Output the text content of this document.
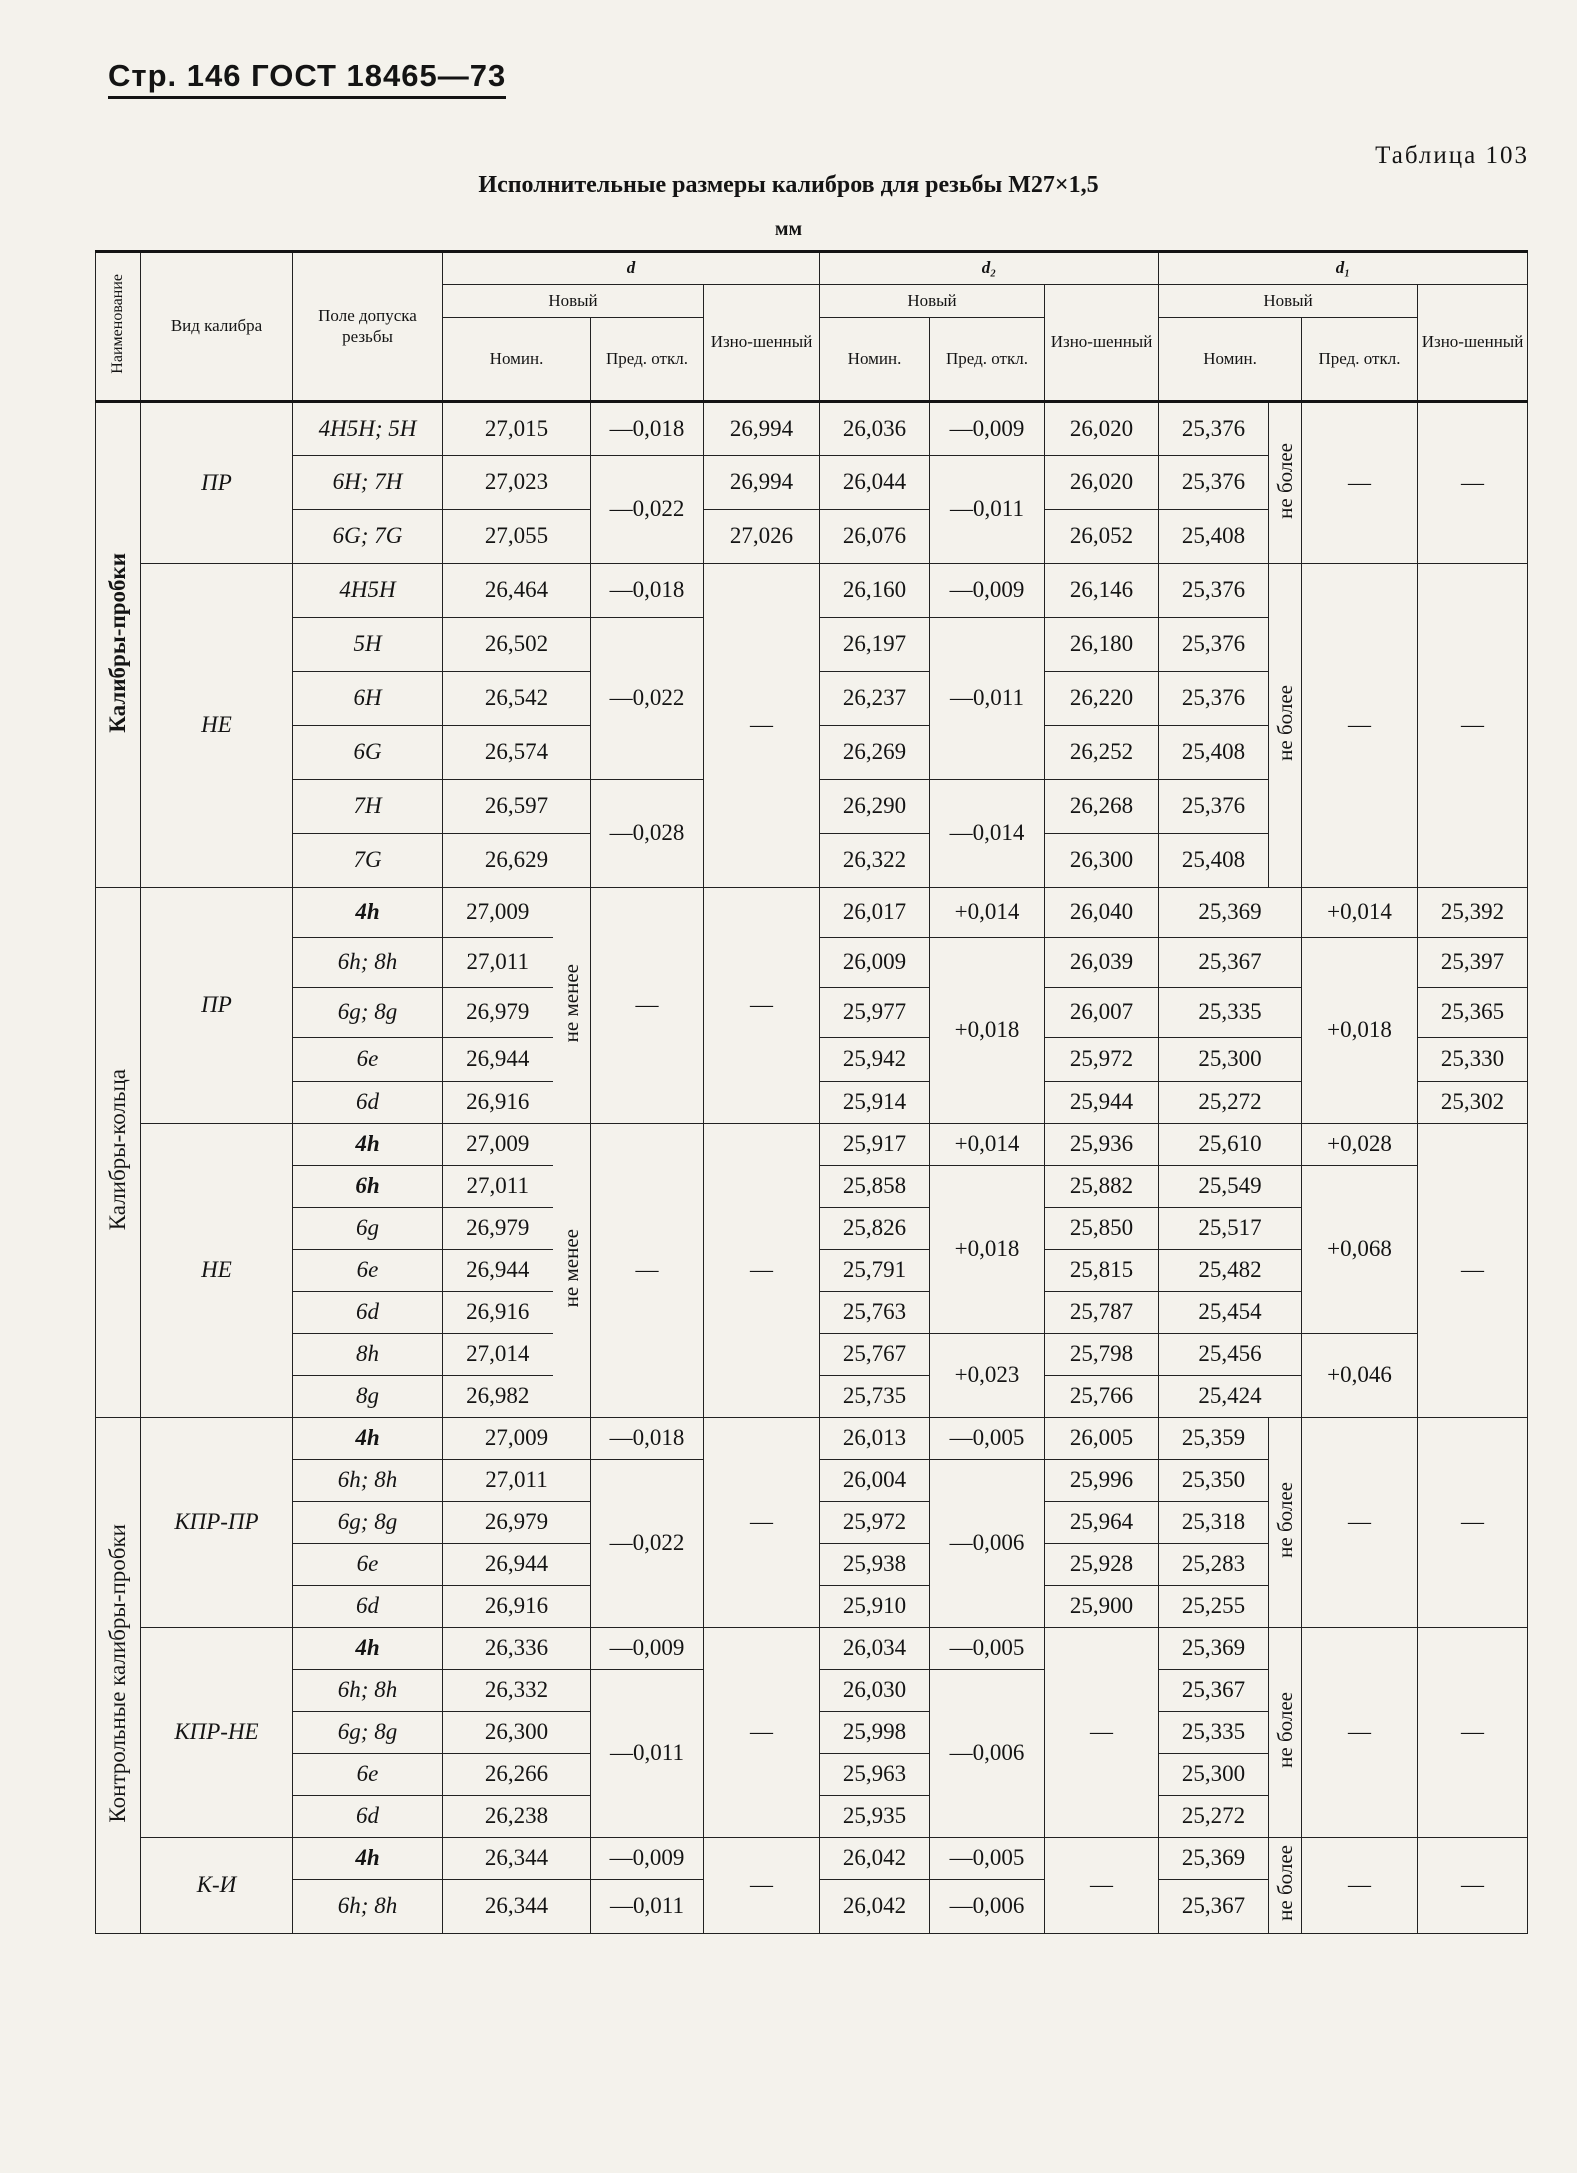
Стр. 146 ГОСТ 18465—73
Таблица 103
Исполнительные размеры калибров для резьбы М27×1,5
мм
Наименование	Вид калибра	Поле допуска резьбы	d				d₂			d₁			
			Новый			Изно-шенный	Новый		Изно-шенный	Новый			Изно-шенный
			Номин.		Пред. откл.		Номин.	Пред. откл.		Номин.		Пред. откл.	
Калибры-пробки	ПР	4H5H; 5H	27,015		—0,018	26,994	26,036	—0,009	26,020	25,376	не более	—	—
		6H; 7H	27,023		—0,022	26,994	26,044	—0,011	26,020	25,376			
		6G; 7G	27,055			27,026	26,076		26,052	25,408			
	НЕ	4H5H	26,464		—0,018	—	26,160	—0,009	26,146	25,376	не более	—	—
		5H	26,502		—0,022		26,197	—0,011	26,180	25,376			
		6H	26,542				26,237		26,220	25,376			
		6G	26,574				26,269		26,252	25,408			
		7H	26,597		—0,028		26,290	—0,014	26,268	25,376			
		7G	26,629				26,322		26,300	25,408			
Калибры-кольца	ПР	4h	27,009	не менее	—	—	26,017	+0,014	26,040	25,369		+0,014	25,392
		6h; 8h	27,011				26,009	+0,018	26,039	25,367		+0,018	25,397
		6g; 8g	26,979				25,977		26,007	25,335			25,365
		6e	26,944				25,942		25,972	25,300			25,330
		6d	26,916				25,914		25,944	25,272			25,302
	НЕ	4h	27,009	не менее	—	—	25,917	+0,014	25,936	25,610		+0,028	—
		6h	27,011				25,858	+0,018	25,882	25,549		+0,068	
		6g	26,979				25,826		25,850	25,517			
		6e	26,944				25,791		25,815	25,482			
		6d	26,916				25,763		25,787	25,454			
		8h	27,014				25,767	+0,023	25,798	25,456		+0,046	
		8g	26,982				25,735		25,766	25,424			
Контрольные калибры-пробки	КПР-ПР	4h	27,009		—0,018	—	26,013	—0,005	26,005	25,359	не более	—	—
		6h; 8h	27,011		—0,022		26,004	—0,006	25,996	25,350			
		6g; 8g	26,979				25,972		25,964	25,318			
		6e	26,944				25,938		25,928	25,283			
		6d	26,916				25,910		25,900	25,255			
	КПР-НЕ	4h	26,336		—0,009	—	26,034	—0,005	—	25,369	не более	—	—
		6h; 8h	26,332		—0,011		26,030	—0,006		25,367			
		6g; 8g	26,300				25,998			25,335			
		6e	26,266				25,963			25,300			
		6d	26,238				25,935			25,272			
	К-И	4h	26,344		—0,009	—	26,042	—0,005	—	25,369	не более	—	—
		6h; 8h	26,344		—0,011		26,042	—0,006		25,367			
